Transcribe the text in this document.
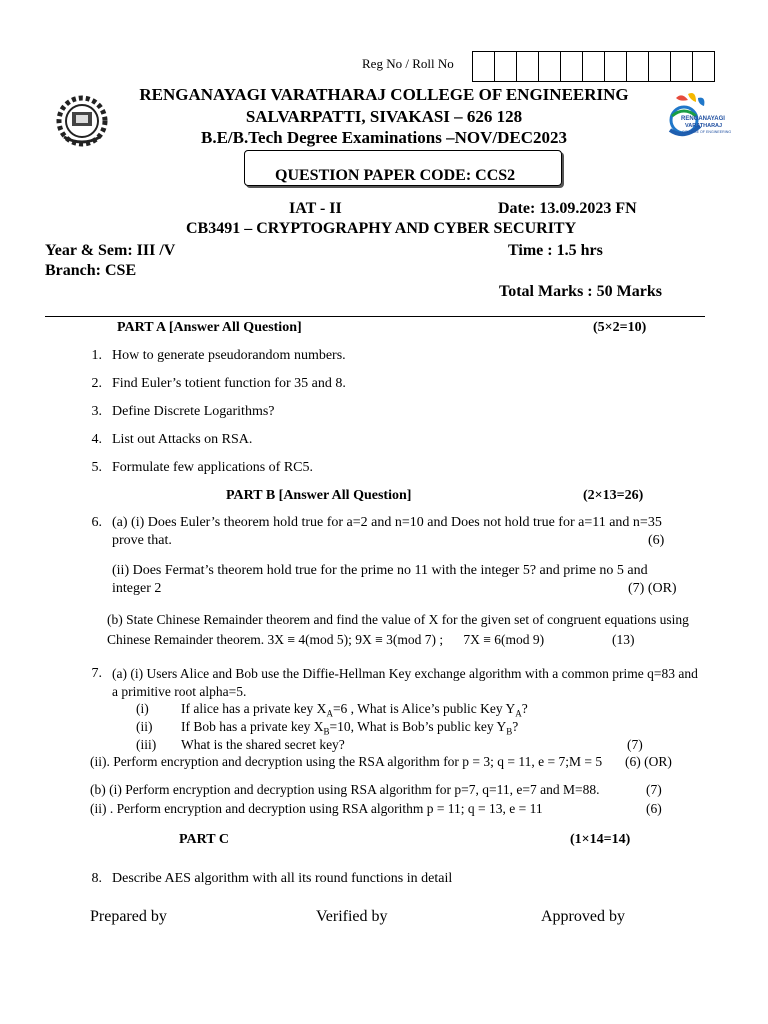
Reg No / Roll No
RENGANAYAGI
VARATHARAJ
COLLEGE OF ENGINEERING
RENGANAYAGI VARATHARAJ COLLEGE OF ENGINEERING
SALVARPATTI, SIVAKASI – 626 128
B.E/B.Tech Degree Examinations –NOV/DEC2023
QUESTION PAPER CODE: CCS2
IAT - II	Date: 13.09.2023 FN
CB3491 – CRYPTOGRAPHY AND CYBER SECURITY
Year & Sem: III /V	Time : 1.5 hrs
Branch: CSE
Total Marks : 50 Marks
PART A [Answer All Question]	(5×2=10)
1. How to generate pseudorandom numbers.
2. Find Euler’s totient function for 35 and 8.
3. Define Discrete Logarithms?
4. List out Attacks on RSA.
5. Formulate few applications of RC5.
PART B [Answer All Question]	(2×13=26)
6. (a) (i) Does Euler’s theorem hold true for a=2 and n=10 and Does not hold true for a=11 and n=35
prove that.	(6)
(ii) Does Fermat’s theorem hold true for the prime no 11 with the integer 5? and prime no 5 and
integer 2	(7) (OR)
(b) State Chinese Remainder theorem and find the value of X for the given set of congruent equations using
Chinese Remainder theorem. 3X ≡ 4(mod 5); 9X ≡ 3(mod 7) ;      7X ≡ 6(mod 9)	(13)
7. (a) (i) Users Alice and Bob use the Diffie-Hellman Key exchange algorithm with a common prime q=83 and
a primitive root alpha=5.
(i) If alice has a private key $X_A=6$ , What is Alice’s public Key $Y_A$?
(ii) If Bob has a private key $X_B=10$, What is Bob’s public key $Y_B$?
(iii) What is the shared secret key?	(7)
(ii). Perform encryption and decryption using the RSA algorithm for p = 3; q = 11, e = 7;M = 5 (6) (OR)
(b) (i) Perform encryption and decryption using RSA algorithm for p=7, q=11, e=7 and M=88.	(7)
(ii) . Perform encryption and decryption using RSA algorithm p = 11; q = 13, e = 11	(6)
PART C	(1×14=14)
8. Describe AES algorithm with all its round functions in detail
Prepared by	Verified by	Approved by
